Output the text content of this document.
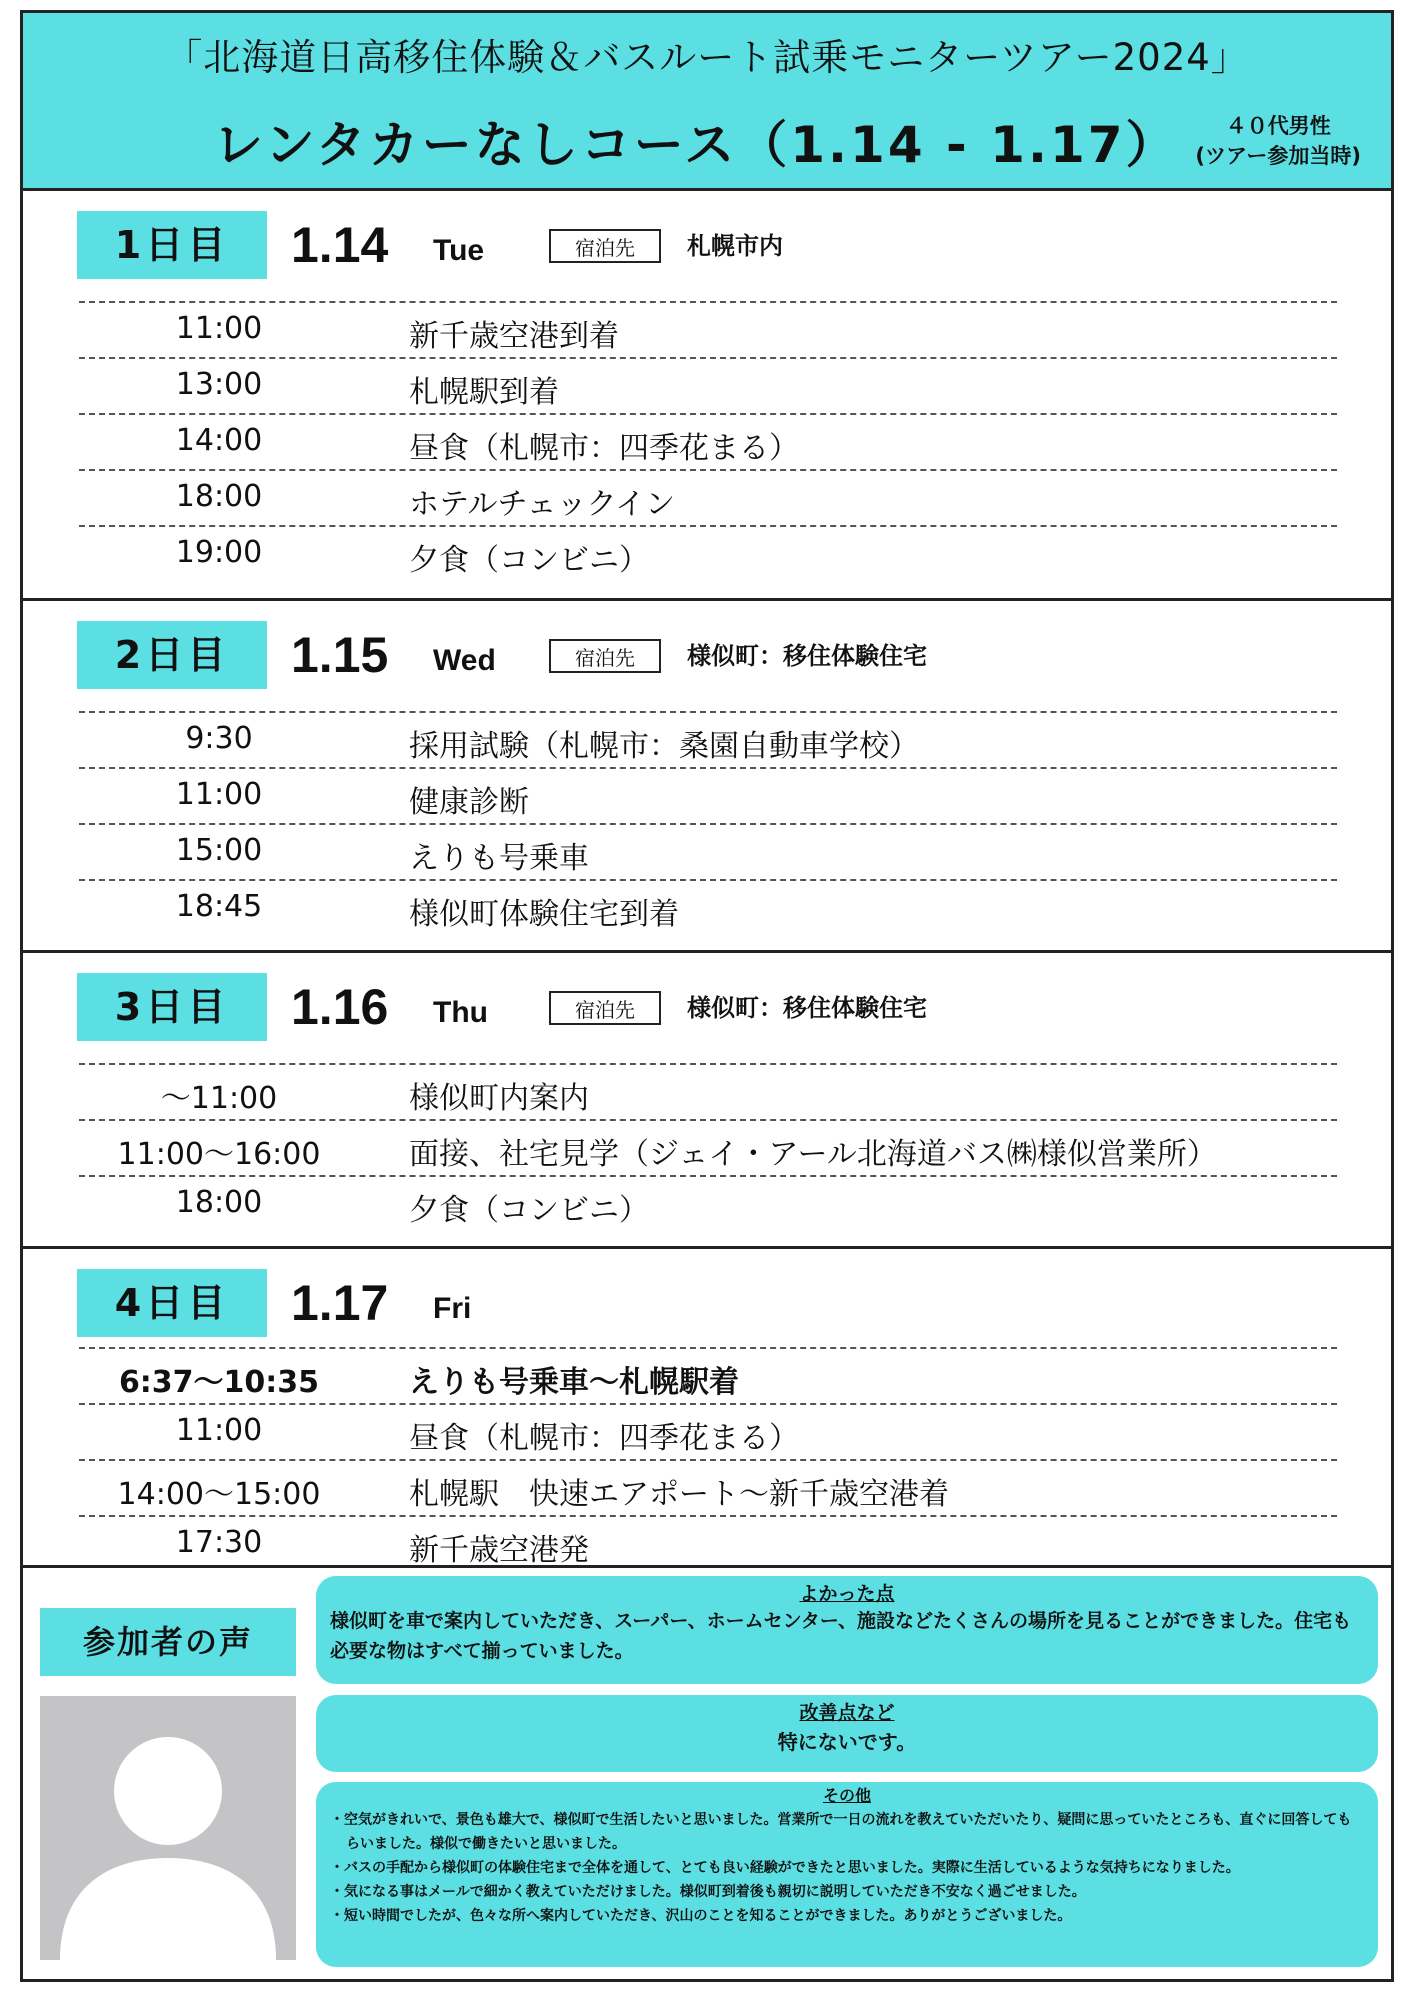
「北海道日高移住体験＆バスルート試乗モニターツアー2024」
レンタカーなしコース（1.14 - 1.17）	４０代男性
(ツアー参加当時)
1日目	1.14 Tue	宿泊先	札幌市内
11:00	新千歳空港到着
13:00	札幌駅到着
14:00	昼食（札幌市：四季花まる）
18:00	ホテルチェックイン
19:00	夕食（コンビニ）
2日目	1.15 Wed	宿泊先	様似町：移住体験住宅
9:30	採用試験（札幌市：桑園自動車学校）
11:00	健康診断
15:00	えりも号乗車
18:45	様似町体験住宅到着
3日目	1.16 Thu	宿泊先	様似町：移住体験住宅
〜11:00	様似町内案内
11:00〜16:00	面接、社宅見学（ジェイ・アール北海道バス㈱様似営業所）
18:00	夕食（コンビニ）
4日目	1.17 Fri
6:37〜10:35	えりも号乗車〜札幌駅着
11:00	昼食（札幌市：四季花まる）
14:00〜15:00	札幌駅　快速エアポート〜新千歳空港着
17:30	新千歳空港発
参加者の声
よかった点
様似町を車で案内していただき、スーパー、ホームセンター、施設などたくさんの場所を見ることができました。住宅も必要な物はすべて揃っていました。
改善点など
特にないです。
その他
・空気がきれいで、景色も雄大で、様似町で生活したいと思いました。営業所で一日の流れを教えていただいたり、疑問に思っていたところも、直ぐに回答してもらいました。様似で働きたいと思いました。
・バスの手配から様似町の体験住宅まで全体を通して、とても良い経験ができたと思いました。実際に生活しているような気持ちになりました。
・気になる事はメールで細かく教えていただけました。様似町到着後も親切に説明していただき不安なく過ごせました。
・短い時間でしたが、色々な所へ案内していただき、沢山のことを知ることができました。ありがとうございました。
